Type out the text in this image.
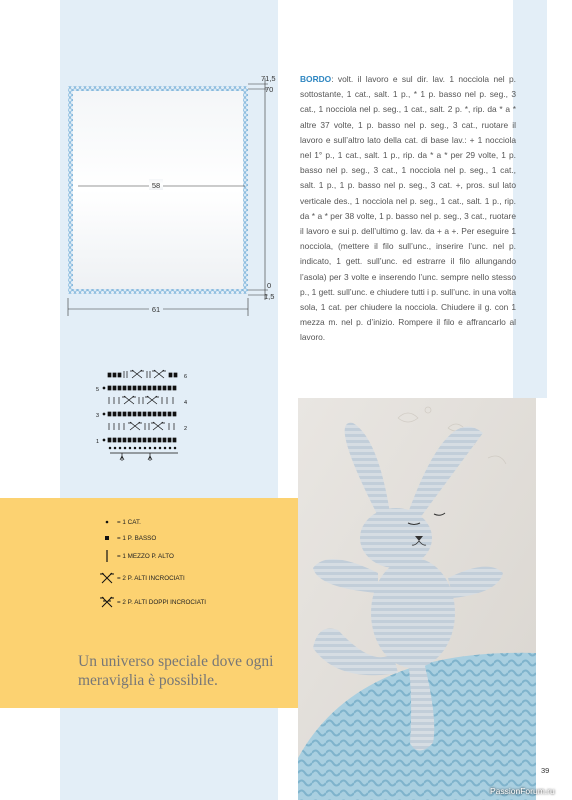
71,5
70
0
1,5
58
61
BORDO: volt. il lavoro e sul dir. lav. 1 nocciola nel p. sottostante, 1 cat., salt. 1 p., * 1 p. basso nel p. seg., 3 cat., 1 nocciola nel p. seg., 1 cat., salt. 2 p. *, rip. da * a * altre 37 volte, 1 p. basso nel p. seg., 3 cat., ruotare il lavoro e sull’altro lato della cat. di base lav.: + 1 nocciola nel 1° p., 1 cat., salt. 1 p., rip. da * a * per 29 volte, 1 p. basso nel p. seg., 3 cat., 1 nocciola nel p. seg., 1 cat., salt. 1 p., 1 p. basso nel p. seg., 3 cat. +, pros. sul lato verticale des., 1 nocciola nel p. seg., 1 cat., salt. 1 p., rip. da * a * per 38 volte, 1 p. basso nel p. seg., 3 cat., ruotare il lavoro e sui p. dell’ultimo g. lav. da + a +. Per eseguire 1 nocciola, (mettere il filo sull’unc., inserire l’unc. nel p. indicato, 1 gett. sull’unc. ed estrarre il filo allungando l’asola) per 3 volte e inserendo l’unc. sempre nello stesso p., 1 gett. sull’unc. e chiudere tutti i p. sull’unc. in una volta sola, 1 cat. per chiudere la nocciola. Chiudere il g. con 1 mezza m. nel p. d’inizio. Rompere il filo e affrancarlo al lavoro.
5
3
1
6
4
2
= 1 CAT.
= 1 P. BASSO
= 1 MEZZO P. ALTO
= 2 P. ALTI INCROCIATI
= 2 P. ALTI DOPPI INCROCIATI
Un universo speciale dove ogni meraviglia è possibile.
39
PassionForum.ru
